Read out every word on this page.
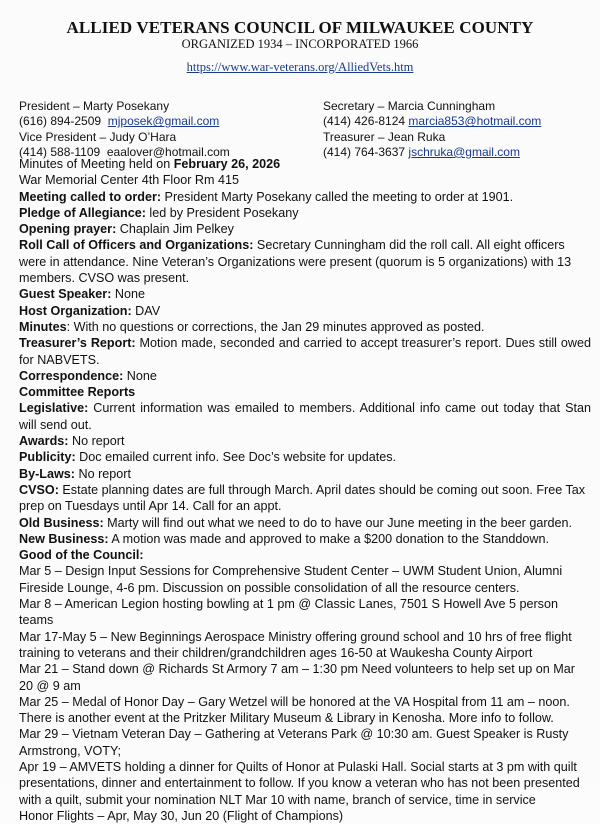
ALLIED VETERANS COUNCIL OF MILWAUKEE COUNTY
ORGANIZED 1934 – INCORPORATED 1966
https://www.war-veterans.org/AlliedVets.htm
President – Marty Posekany
(616) 894-2509 mjposek@gmail.com
Vice President – Judy O’Hara
(414) 588-1109 eaalover@hotmail.com
Secretary – Marcia Cunningham
(414) 426-8124 marcia853@hotmail.com
Treasurer – Jean Ruka
(414) 764-3637 jschruka@gmail.com
Minutes of Meeting held on February 26, 2026
War Memorial Center 4th Floor Rm 415
Meeting called to order: President Marty Posekany called the meeting to order at 1901.
Pledge of Allegiance: led by President Posekany
Opening prayer: Chaplain Jim Pelkey
Roll Call of Officers and Organizations: Secretary Cunningham did the roll call. All eight officers were in attendance. Nine Veteran’s Organizations were present (quorum is 5 organizations) with 13 members. CVSO was present.
Guest Speaker: None
Host Organization: DAV
Minutes: With no questions or corrections, the Jan 29 minutes approved as posted.
Treasurer’s Report: Motion made, seconded and carried to accept treasurer’s report. Dues still owed for NABVETS.
Correspondence: None
Committee Reports
Legislative: Current information was emailed to members. Additional info came out today that Stan will send out.
Awards: No report
Publicity: Doc emailed current info. See Doc’s website for updates.
By-Laws: No report
CVSO: Estate planning dates are full through March. April dates should be coming out soon. Free Tax prep on Tuesdays until Apr 14. Call for an appt.
Old Business: Marty will find out what we need to do to have our June meeting in the beer garden.
New Business: A motion was made and approved to make a $200 donation to the Standdown.
Good of the Council:
Mar 5 – Design Input Sessions for Comprehensive Student Center – UWM Student Union, Alumni Fireside Lounge, 4-6 pm. Discussion on possible consolidation of all the resource centers.
Mar 8 – American Legion hosting bowling at 1 pm @ Classic Lanes, 7501 S Howell Ave 5 person teams
Mar 17-May 5 – New Beginnings Aerospace Ministry offering ground school and 10 hrs of free flight training to veterans and their children/grandchildren ages 16-50 at Waukesha County Airport
Mar 21 – Stand down @ Richards St Armory 7 am – 1:30 pm Need volunteers to help set up on Mar 20 @ 9 am
Mar 25 – Medal of Honor Day – Gary Wetzel will be honored at the VA Hospital from 11 am – noon. There is another event at the Pritzker Military Museum & Library in Kenosha. More info to follow.
Mar 29 – Vietnam Veteran Day – Gathering at Veterans Park @ 10:30 am. Guest Speaker is Rusty Armstrong, VOTY;
Apr 19 – AMVETS holding a dinner for Quilts of Honor at Pulaski Hall. Social starts at 3 pm with quilt presentations, dinner and entertainment to follow. If you know a veteran who has not been presented with a quilt, submit your nomination NLT Mar 10 with name, branch of service, time in service
Honor Flights – Apr, May 30, Jun 20 (Flight of Champions)
